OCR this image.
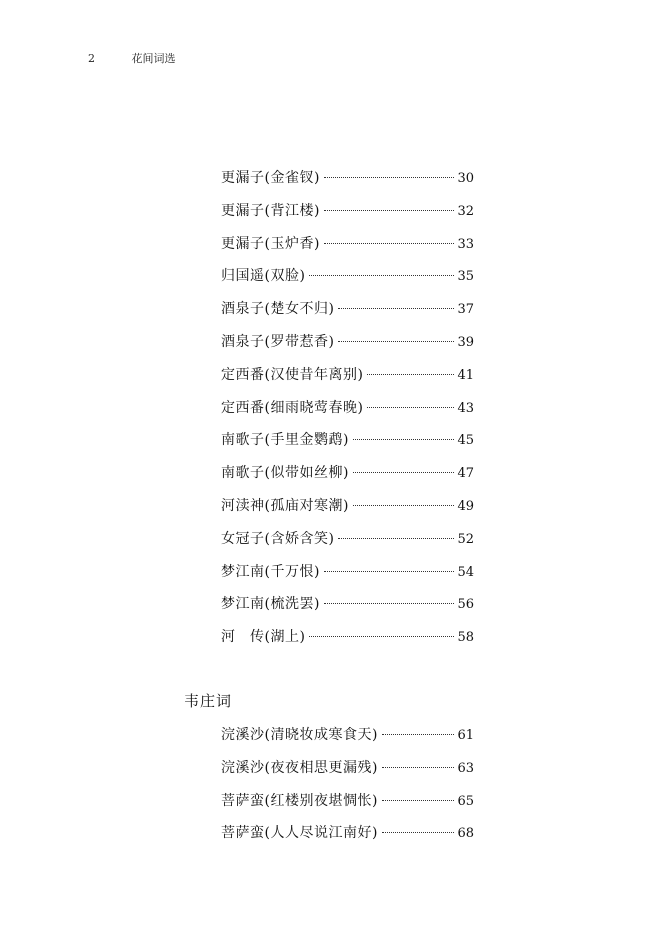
2	花间词选
更漏子(金雀钗)	30
更漏子(背江楼)	32
更漏子(玉炉香)	33
归国遥(双脸)	35
酒泉子(楚女不归)	37
酒泉子(罗带惹香)	39
定西番(汉使昔年离别)	41
定西番(细雨晓莺春晚)	43
南歌子(手里金鹦鹉)	45
南歌子(似带如丝柳)	47
河渎神(孤庙对寒潮)	49
女冠子(含娇含笑)	52
梦江南(千万恨)	54
梦江南(梳洗罢)	56
河　传(湖上)	58
韦庄词
浣溪沙(清晓妆成寒食天)	61
浣溪沙(夜夜相思更漏残)	63
菩萨蛮(红楼别夜堪惆怅)	65
菩萨蛮(人人尽说江南好)	68
